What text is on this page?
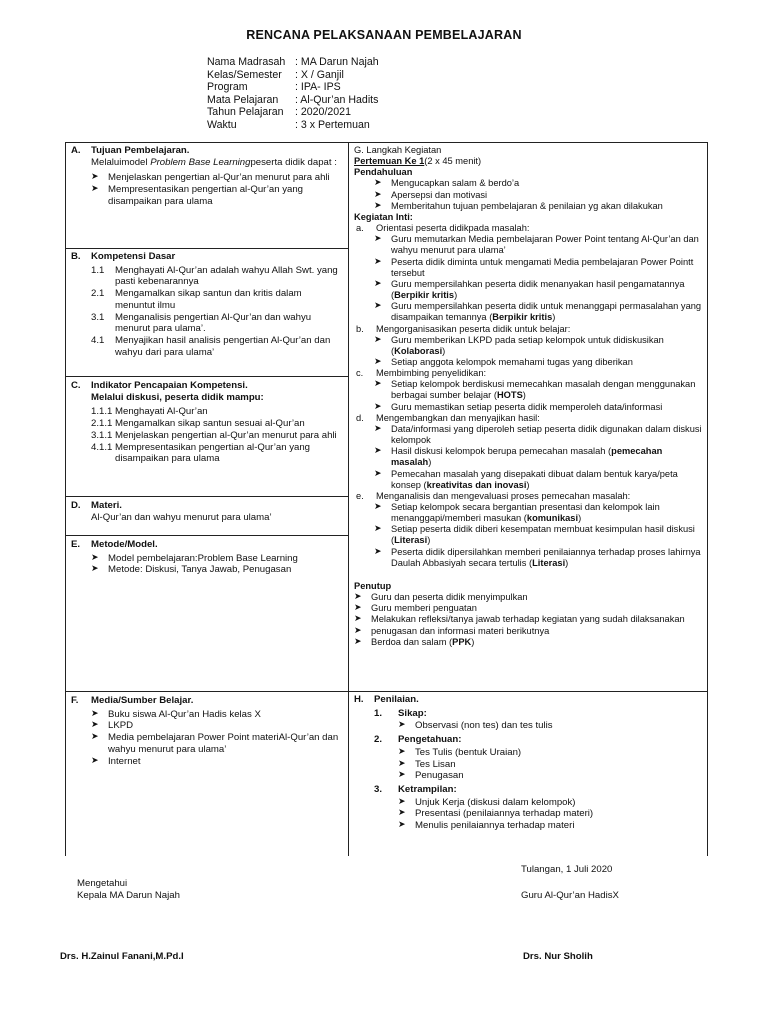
RENCANA PELAKSANAAN PEMBELAJARAN
Nama Madrasah : MA Darun Najah
Kelas/Semester	: X / Ganjil
Program	: IPA- IPS
Mata Pelajaran	: Al-Qur’an Hadits
Tahun Pelajaran	: 2020/2021
Waktu	: 3 x Pertemuan
A.	Tujuan Pembelajaran.
Melaluimodel Problem Base Learningpeserta didik dapat :
➤ Menjelaskan pengertian al-Qur’an menurut para ahli
➤ Mempresentasikan pengertian al-Qur’an yang disampaikan para ulama
B.	Kompetensi Dasar
1.1	Menghayati Al-Qur’an adalah wahyu Allah Swt. yang pasti kebenarannya
2.1	Mengamalkan sikap santun dan kritis dalam menuntut ilmu
3.1	Menganalisis pengertian Al-Qur’an dan wahyu menurut para ulama’.
4.1	Menyajikan hasil analisis pengertian Al-Qur’an dan wahyu dari para ulama’
C.	Indikator Pencapaian Kompetensi.
Melalui diskusi, peserta didik mampu:
1.1.1 Menghayati Al-Qur’an
2.1.1 Mengamalkan sikap santun sesuai al-Qur’an
3.1.1 Menjelaskan pengertian al-Qur’an menurut para ahli
4.1.1 Mempresentasikan pengertian al-Qur’an yang disampaikan para ulama
D.	Materi.
Al-Qur’an dan wahyu menurut para ulama’
E.	Metode/Model.
➤ Model pembelajaran:Problem Base Learning
➤ Metode: Diskusi, Tanya Jawab, Penugasan
F.	Media/Sumber Belajar.
➤ Buku siswa Al-Qur’an Hadis kelas X
➤ LKPD
➤ Media pembelajaran Power Point materiAl-Qur’an dan wahyu menurut para ulama’
➤ Internet
G. Langkah Kegiatan
Pertemuan Ke 1(2 x 45 menit)
Pendahuluan
➤ Mengucapkan salam & berdo’a
➤ Apersepsi dan motivasi
➤ Memberitahun tujuan pembelajaran & penilaian yg akan dilakukan
Kegiatan Inti:
a.	Orientasi peserta didikpada masalah:
➤ Guru memutarkan Media pembelajaran Power Point tentang Al-Qur’an dan wahyu menurut para ulama’
➤ Peserta didik diminta untuk mengamati Media pembelajaran Power Pointt tersebut
➤ Guru mempersilahkan peserta didik menanyakan hasil pengamatannya (Berpikir kritis)
➤ Guru mempersilahkan peserta didik untuk menanggapi permasalahan yang disampaikan temannya (Berpikir kritis)
b.	Mengorganisasikan peserta didik untuk belajar:
➤ Guru memberikan LKPD pada setiap kelompok untuk didiskusikan (Kolaborasi)
➤ Setiap anggota kelompok memahami tugas yang diberikan
c.	Membimbing penyelidikan:
➤ Setiap kelompok berdiskusi memecahkan masalah dengan menggunakan berbagai sumber belajar (HOTS)
➤ Guru memastikan setiap peserta didik memperoleh data/informasi
d.	Mengembangkan dan menyajikan hasil:
➤ Data/informasi yang diperoleh setiap peserta didik digunakan dalam diskusi kelompok
➤ Hasil diskusi kelompok berupa pemecahan masalah (pemecahan masalah)
➤ Pemecahan masalah yang disepakati dibuat dalam bentuk karya/peta konsep (kreativitas dan inovasi)
e.	Menganalisis dan mengevaluasi proses pemecahan masalah:
➤ Setiap kelompok secara bergantian presentasi dan kelompok lain menanggapi/memberi masukan (komunikasi)
➤ Setiap peserta didik diberi kesempatan membuat kesimpulan hasil diskusi (Literasi)
➤ Peserta didik dipersilahkan memberi penilaiannya terhadap proses lahirnya Daulah Abbasiyah secara tertulis (Literasi)
Penutup
➤ Guru dan peserta didik menyimpulkan
➤ Guru memberi penguatan
➤ Melakukan refleksi/tanya jawab terhadap kegiatan yang sudah dilaksanakan
➤ penugasan dan informasi materi berikutnya
➤ Berdoa dan salam (PPK)
H.	Penilaian.
1.	Sikap:
➤ Observasi (non tes) dan tes tulis
2.	Pengetahuan:
➤ Tes Tulis (bentuk Uraian)
➤ Tes Lisan
➤ Penugasan
3.	Ketrampilan:
➤ Unjuk Kerja (diskusi dalam kelompok)
➤ Presentasi (penilaiannya terhadap materi)
➤ Menulis penilaiannya terhadap materi
Tulangan, 1 Juli 2020
Mengetahui
Kepala MA Darun Najah	Guru Al-Qur’an HadisX
Drs. H.Zainul Fanani,M.Pd.I	Drs. Nur Sholih
